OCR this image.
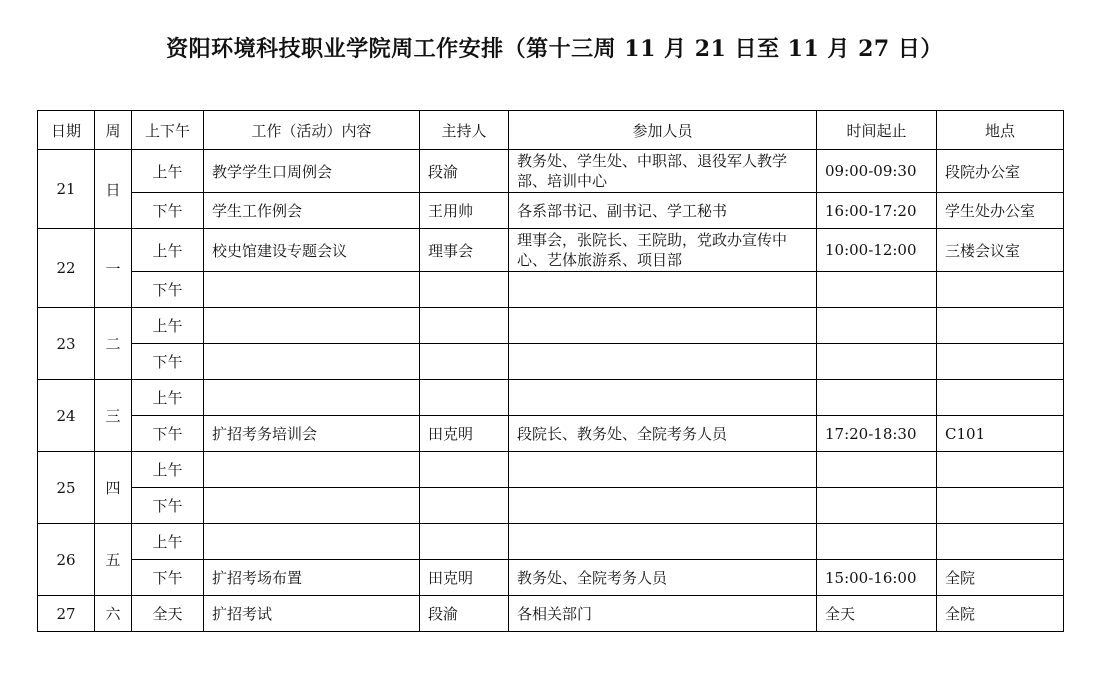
资阳环境科技职业学院周工作安排（第十三周 11 月 21 日至 11 月 27 日）
日期	周	上下午	工作（活动）内容	主持人	参加人员	时间起止	地点
21	日	上午	教学学生口周例会	段渝	教务处、学生处、中职部、退役军人教学部、培训中心	09:00-09:30	段院办公室
		下午	学生工作例会	王用帅	各系部书记、副书记、学工秘书	16:00-17:20	学生处办公室
22	一	上午	校史馆建设专题会议	理事会	理事会，张院长、王院助，党政办宣传中心、艺体旅游系、项目部	10:00-12:00	三楼会议室
		下午					
23	二	上午					
		下午					
24	三	上午					
		下午	扩招考务培训会	田克明	段院长、教务处、全院考务人员	17:20-18:30	C101
25	四	上午					
		下午					
26	五	上午					
		下午	扩招考场布置	田克明	教务处、全院考务人员	15:00-16:00	全院
27	六	全天	扩招考试	段渝	各相关部门	全天	全院
